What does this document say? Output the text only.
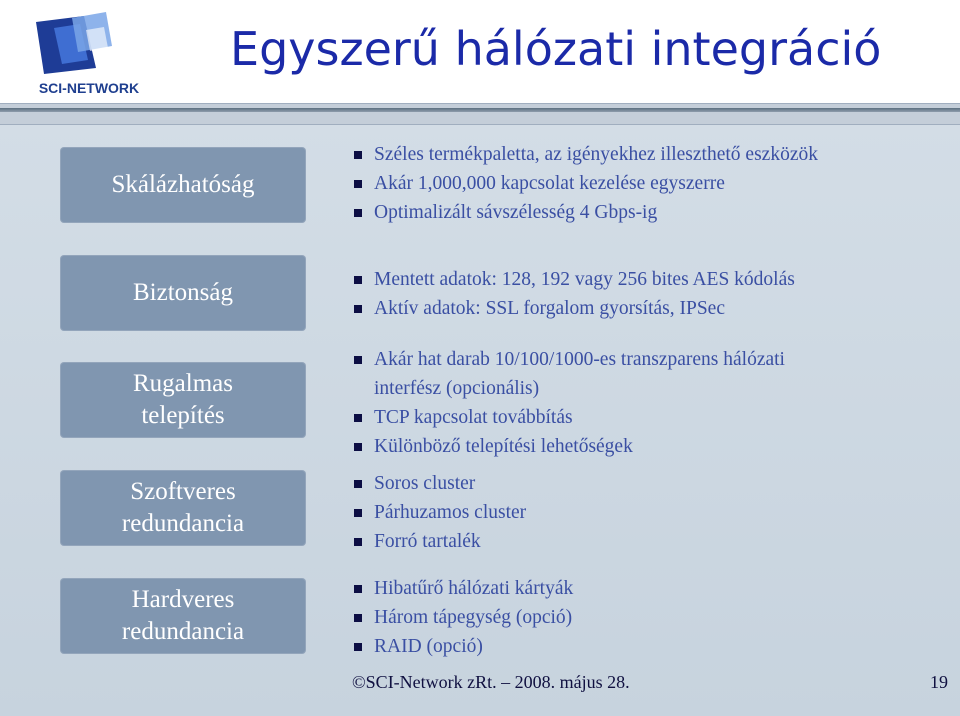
SCI-NETWORK
Egyszerű hálózati integráció
Skálázhatóság
Biztonság
Rugalmas
telepítés
Szoftveres
redundancia
Hardveres
redundancia
Széles termékpaletta, az igényekhez illeszthető eszközök
Akár 1,000,000 kapcsolat kezelése egyszerre
Optimalizált sávszélesség 4 Gbps-ig
Mentett adatok: 128, 192 vagy 256 bites AES kódolás
Aktív adatok: SSL forgalom gyorsítás, IPSec
Akár hat darab 10/100/1000-es transzparens hálózati
interfész (opcionális)
TCP kapcsolat továbbítás
Különböző telepítési lehetőségek
Soros cluster
Párhuzamos cluster
Forró tartalék
Hibatűrő hálózati kártyák
Három tápegység (opció)
RAID (opció)
©SCI-Network zRt. – 2008. május 28.	19
